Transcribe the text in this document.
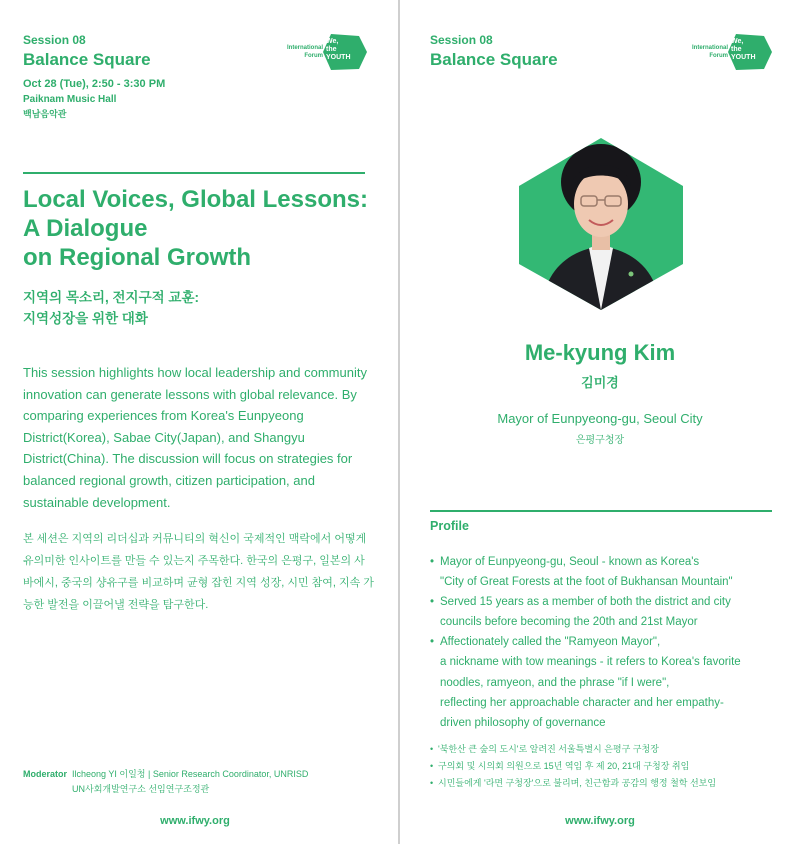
Session 08
Balance Square
International
Forum
We,
the
YOUTH
Oct 28 (Tue), 2:50 - 3:30 PM
Paiknam Music Hall
백남음악관
Local Voices, Global Lessons:
A Dialogue
on Regional Growth
지역의 목소리, 전지구적 교훈:
지역성장을 위한 대화

This session highlights how local leadership and community innovation can generate lessons with global relevance. By comparing experiences from Korea's Eunpyeong District(Korea), Sabae City(Japan), and Shangyu District(China). The discussion will focus on strategies for balanced regional growth, citizen participation, and sustainable development.

본 세션은 지역의 리더십과 커뮤니티의 혁신이 국제적인 맥락에서 어떻게 유의미한 인사이트를 만들 수 있는지 주목한다. 한국의 은평구, 일본의 사바에시, 중국의 샹유구를 비교하며 균형 잡힌 지역 성장, 시민 참여, 지속 가능한 발전을 이끌어낼 전략을 탐구한다.

Moderator Ilcheong YI 이일청 | Senior Research Coordinator, UNRISD
UN사회개발연구소 선임연구조정관
www.ifwy.org
Session 08
Balance Square
International
Forum
We,
the
YOUTH
Me-kyung Kim
김미경
Mayor of Eunpyeong-gu, Seoul City
은평구청장
Profile
• Mayor of Eunpyeong-gu, Seoul - known as Korea's
"City of Great Forests at the foot of Bukhansan Mountain"
• Served 15 years as a member of both the district and city
councils before becoming the 20th and 21st Mayor
• Affectionately called the "Ramyeon Mayor",
a nickname with tow meanings - it refers to Korea's favorite
noodles, ramyeon, and the phrase "if I were",
reflecting her approachable character and her empathy-
driven philosophy of governance
• '북한산 큰 숲의 도시'로 알려진 서울특별시 은평구 구청장
• 구의회 및 시의회 의원으로 15년 역임 후 제 20, 21대 구청장 취임
• 시민들에게 '라면 구청장'으로 불리며, 친근함과 공감의 행정 철학 선보임
www.ifwy.org
